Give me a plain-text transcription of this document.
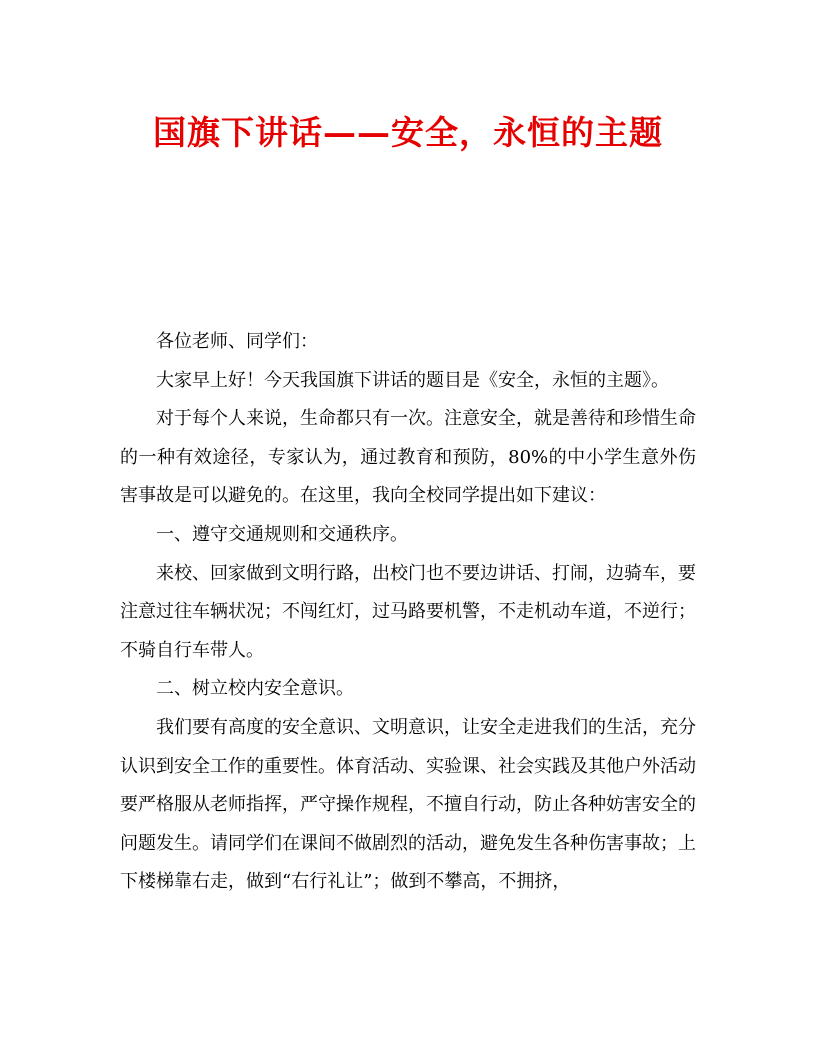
国旗下讲话——安全，永恒的主题

各位老师、同学们：

大家早上好！今天我国旗下讲话的题目是《安全，永恒的主题》。

对于每个人来说，生命都只有一次。注意安全，就是善待和珍惜生命的一种有效途径，专家认为，通过教育和预防，80%的中小学生意外伤害事故是可以避免的。在这里，我向全校同学提出如下建议：

一、遵守交通规则和交通秩序。

来校、回家做到文明行路，出校门也不要边讲话、打闹，边骑车，要注意过往车辆状况；不闯红灯，过马路要机警，不走机动车道，不逆行；不骑自行车带人。

二、树立校内安全意识。

我们要有高度的安全意识、文明意识，让安全走进我们的生活，充分认识到安全工作的重要性。体育活动、实验课、社会实践及其他户外活动要严格服从老师指挥，严守操作规程，不擅自行动，防止各种妨害安全的问题发生。请同学们在课间不做剧烈的活动，避免发生各种伤害事故；上下楼梯靠右走，做到“右行礼让”；做到不攀高，不拥挤，
